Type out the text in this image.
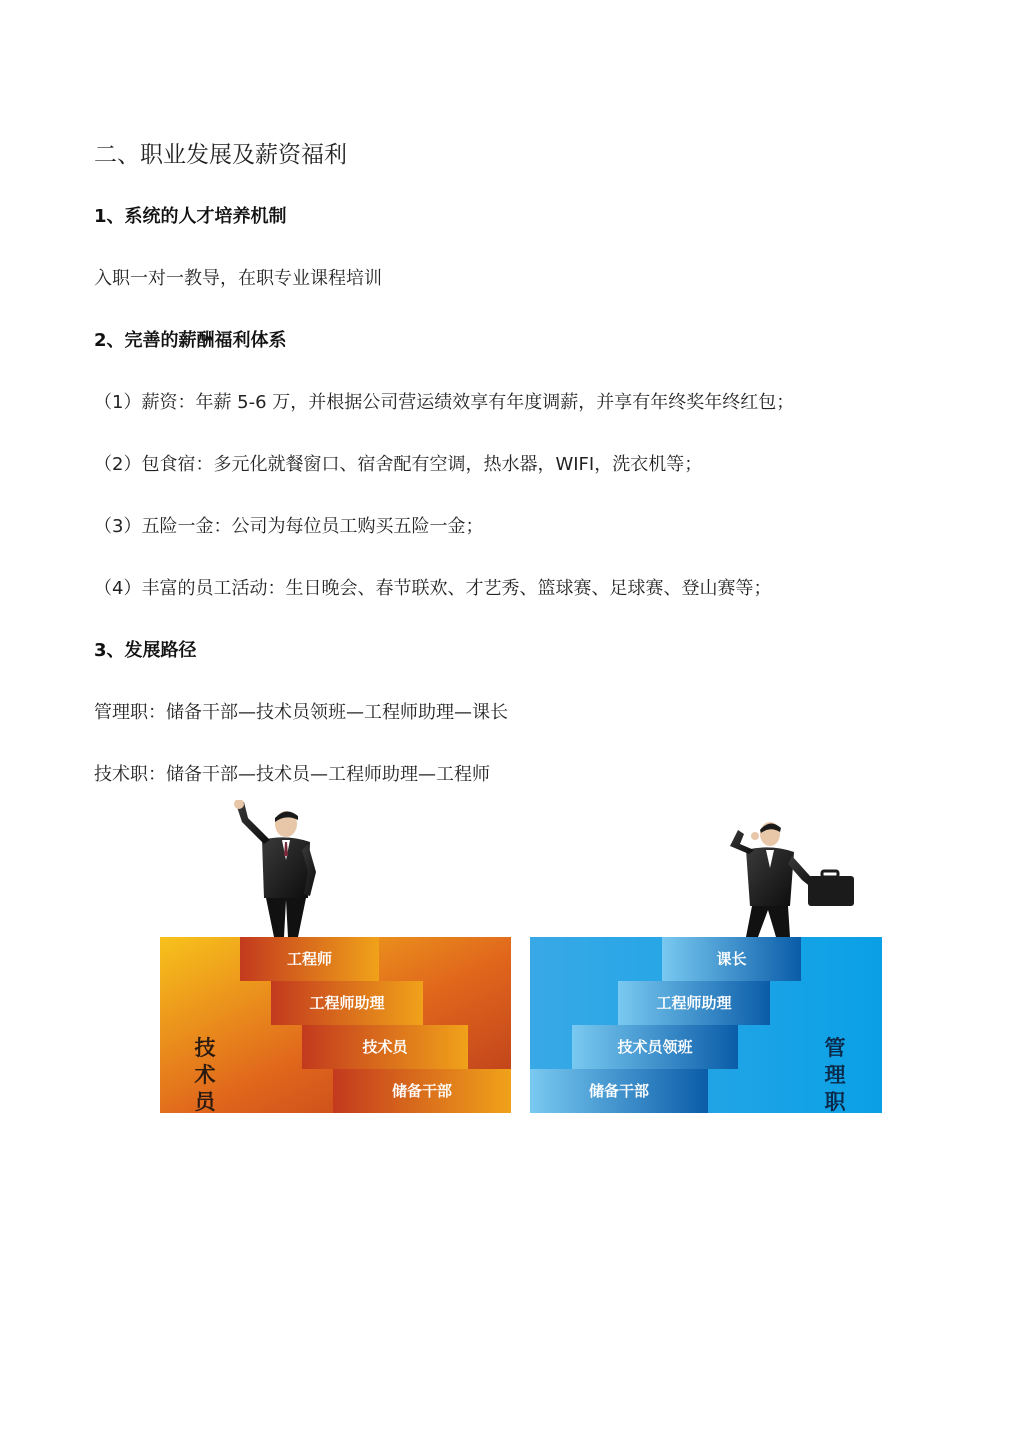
二、职业发展及薪资福利
1、系统的人才培养机制
入职一对一教导，在职专业课程培训
2、完善的薪酬福利体系
（1）薪资：年薪 5-6 万，并根据公司营运绩效享有年度调薪，并享有年终奖年终红包；
（2）包食宿：多元化就餐窗口、宿舍配有空调，热水器，WIFI，洗衣机等；
（3）五险一金：公司为每位员工购买五险一金；
（4）丰富的员工活动：生日晚会、春节联欢、才艺秀、篮球赛、足球赛、登山赛等；
3、发展路径
管理职：储备干部—技术员领班—工程师助理—课长
技术职：储备干部—技术员—工程师助理—工程师
工程师
工程师助理
技术员
储备干部
技术员
课长
工程师助理
技术员领班
储备干部
管理职
